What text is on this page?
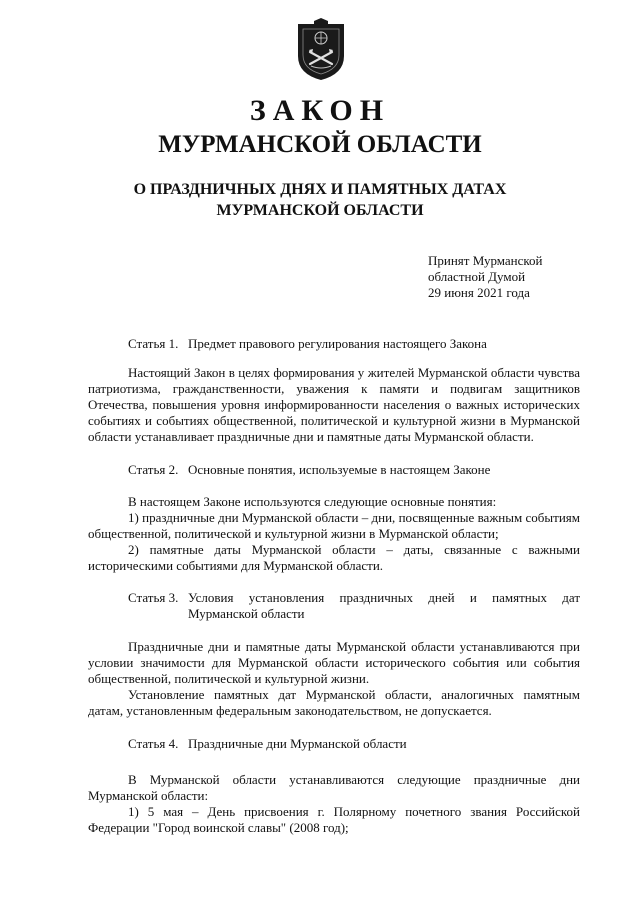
ЗАКОН
МУРМАНСКОЙ ОБЛАСТИ
О ПРАЗДНИЧНЫХ ДНЯХ И ПАМЯТНЫХ ДАТАХ
МУРМАНСКОЙ ОБЛАСТИ
Принят Мурманской
областной Думой
29 июня 2021 года
Статья 1. Предмет правового регулирования настоящего Закона

Настоящий Закон в целях формирования у жителей Мурманской области чувства патриотизма, гражданственности, уважения к памяти и подвигам защитников Отечества, повышения уровня информированности населения о важных исторических событиях и событиях общественной, политической и культурной жизни в Мурманской области устанавливает праздничные дни и памятные даты Мурманской области.

Статья 2. Основные понятия, используемые в настоящем Законе

В настоящем Законе используются следующие основные понятия:

1) праздничные дни Мурманской области – дни, посвященные важным событиям общественной, политической и культурной жизни в Мурманской области;

2) памятные даты Мурманской области – даты, связанные с важными историческими событиями для Мурманской области.

Статья 3. Условия установления праздничных дней и памятных дат
Мурманской области

Праздничные дни и памятные даты Мурманской области устанавливаются при условии значимости для Мурманской области исторического события или события общественной, политической и культурной жизни.

Установление памятных дат Мурманской области, аналогичных памятным датам, установленным федеральным законодательством, не допускается.

Статья 4. Праздничные дни Мурманской области

В Мурманской области устанавливаются следующие праздничные дни Мурманской области:

1) 5 мая – День присвоения г. Полярному почетного звания Российской Федерации "Город воинской славы" (2008 год);
